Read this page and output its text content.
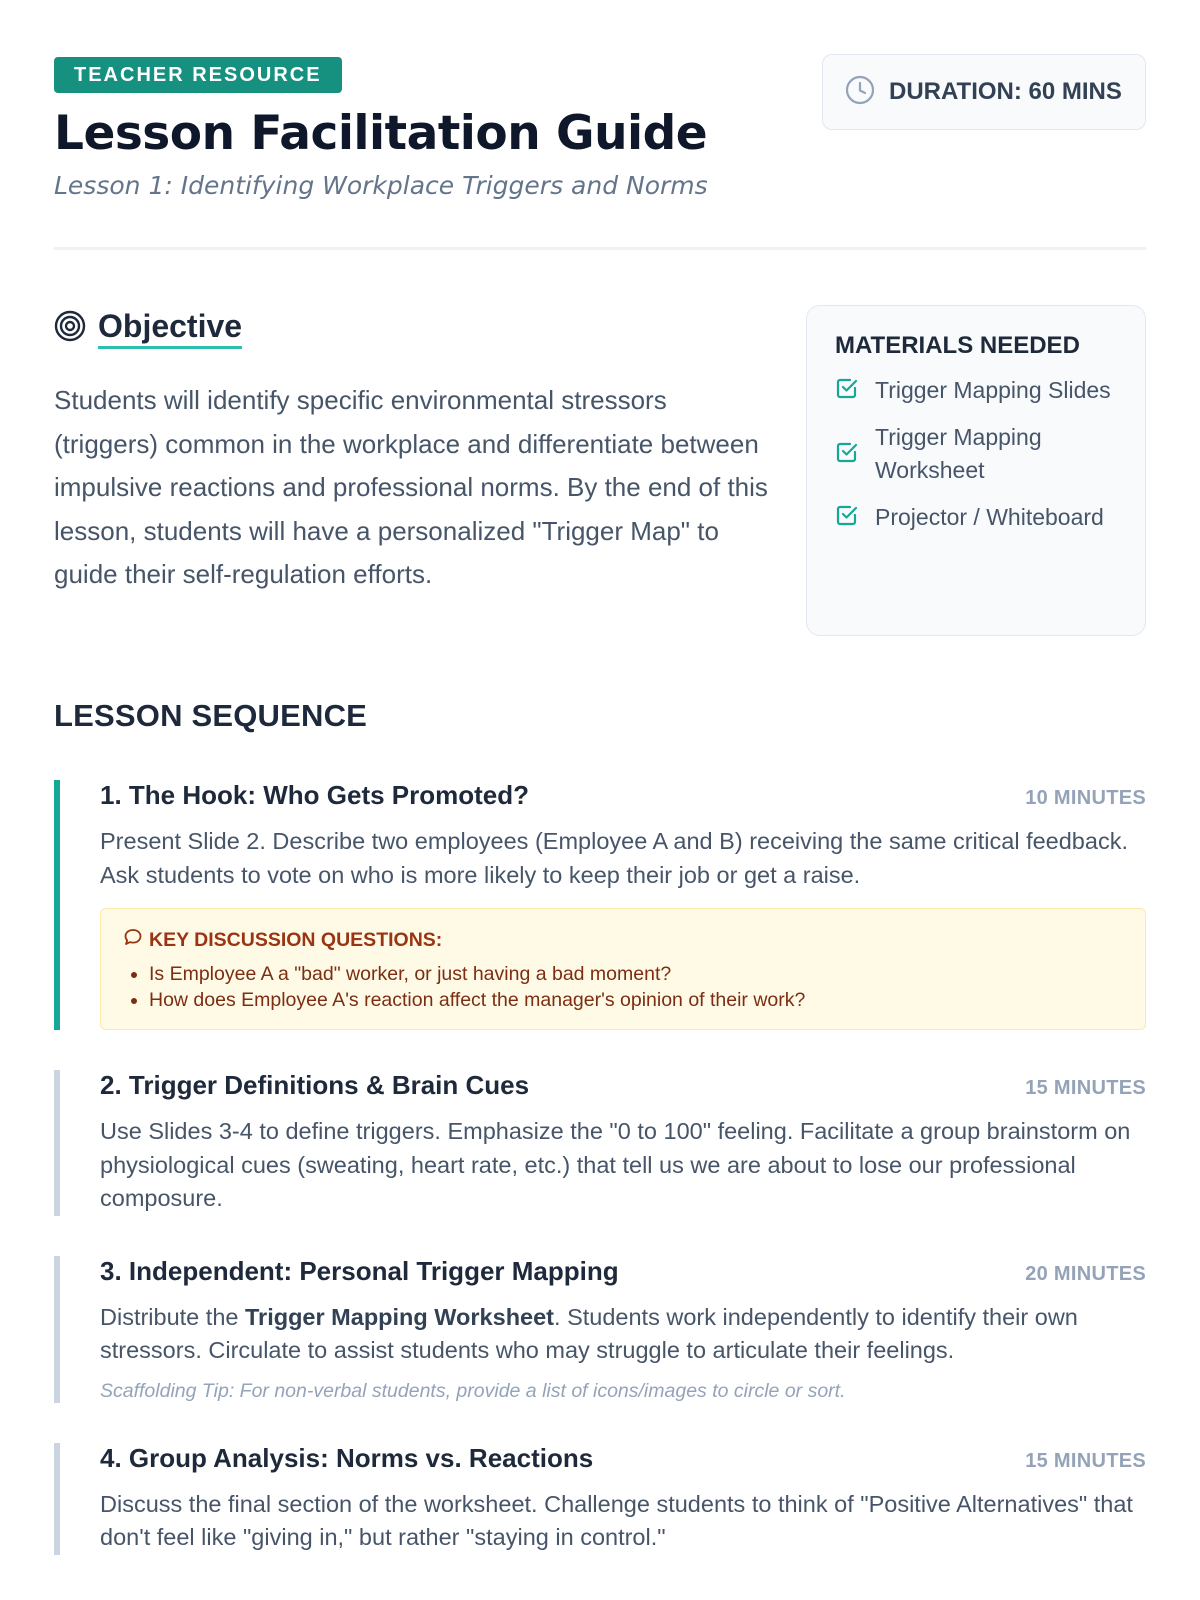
TEACHER RESOURCE
Lesson Facilitation Guide
Lesson 1: Identifying Workplace Triggers and Norms
DURATION: 60 MINS
Objective

Students will identify specific environmental stressors (triggers) common in the workplace and differentiate between impulsive reactions and professional norms. By the end of this lesson, students will have a personalized "Trigger Map" to guide their self-regulation efforts.

MATERIALS NEEDED
Trigger Mapping Slides
Trigger Mapping Worksheet
Projector / Whiteboard
LESSON SEQUENCE
1. The Hook: Who Gets Promoted?	10 MINUTES

Present Slide 2. Describe two employees (Employee A and B) receiving the same critical feedback. Ask students to vote on who is more likely to keep their job or get a raise.

KEY DISCUSSION QUESTIONS:
• Is Employee A a "bad" worker, or just having a bad moment?
• How does Employee A's reaction affect the manager's opinion of their work?
2. Trigger Definitions & Brain Cues	15 MINUTES

Use Slides 3-4 to define triggers. Emphasize the "0 to 100" feeling. Facilitate a group brainstorm on physiological cues (sweating, heart rate, etc.) that tell us we are about to lose our professional composure.

3. Independent: Personal Trigger Mapping	20 MINUTES

Distribute the Trigger Mapping Worksheet. Students work independently to identify their own stressors. Circulate to assist students who may struggle to articulate their feelings.

Scaffolding Tip: For non-verbal students, provide a list of icons/images to circle or sort.

4. Group Analysis: Norms vs. Reactions	15 MINUTES

Discuss the final section of the worksheet. Challenge students to think of "Positive Alternatives" that don't feel like "giving in," but rather "staying in control."
